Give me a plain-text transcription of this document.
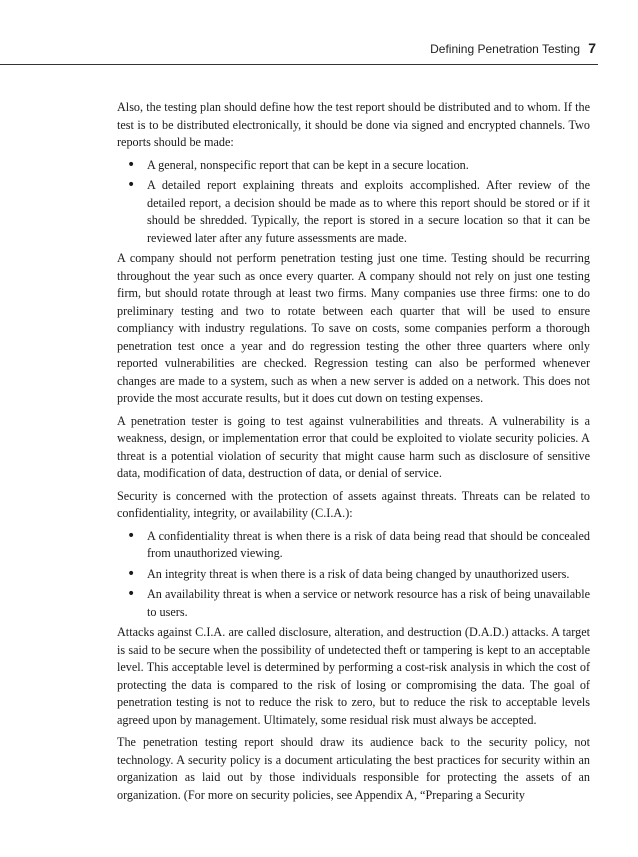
Defining Penetration Testing 7

Also, the testing plan should define how the test report should be distributed and to whom. If the test is to be distributed electronically, it should be done via signed and encrypted channels. Two reports should be made:

• A general, nonspecific report that can be kept in a secure location.
• A detailed report explaining threats and exploits accomplished. After review of the detailed report, a decision should be made as to where this report should be stored or if it should be shredded. Typically, the report is stored in a secure location so that it can be reviewed later after any future assessments are made.

A company should not perform penetration testing just one time. Testing should be recurring throughout the year such as once every quarter. A company should not rely on just one testing firm, but should rotate through at least two firms. Many companies use three firms: one to do preliminary testing and two to rotate between each quarter that will be used to ensure compliancy with industry regulations. To save on costs, some companies perform a thorough penetration test once a year and do regression testing the other three quarters where only reported vulnerabilities are checked. Regression testing can also be performed whenever changes are made to a system, such as when a new server is added on a network. This does not provide the most accurate results, but it does cut down on testing expenses.

A penetration tester is going to test against vulnerabilities and threats. A vulnerability is a weakness, design, or implementation error that could be exploited to violate security policies. A threat is a potential violation of security that might cause harm such as disclosure of sensitive data, modification of data, destruction of data, or denial of service.

Security is concerned with the protection of assets against threats. Threats can be related to confidentiality, integrity, or availability (C.I.A.):

• A confidentiality threat is when there is a risk of data being read that should be concealed from unauthorized viewing.
• An integrity threat is when there is a risk of data being changed by unauthorized users.
• An availability threat is when a service or network resource has a risk of being unavailable to users.

Attacks against C.I.A. are called disclosure, alteration, and destruction (D.A.D.) attacks. A target is said to be secure when the possibility of undetected theft or tampering is kept to an acceptable level. This acceptable level is determined by performing a cost-risk analysis in which the cost of protecting the data is compared to the risk of losing or compromising the data. The goal of penetration testing is not to reduce the risk to zero, but to reduce the risk to acceptable levels agreed upon by management. Ultimately, some residual risk must always be accepted.

The penetration testing report should draw its audience back to the security policy, not technology. A security policy is a document articulating the best practices for security within an organization as laid out by those individuals responsible for protecting the assets of an organization. (For more on security policies, see Appendix A, “Preparing a Security
